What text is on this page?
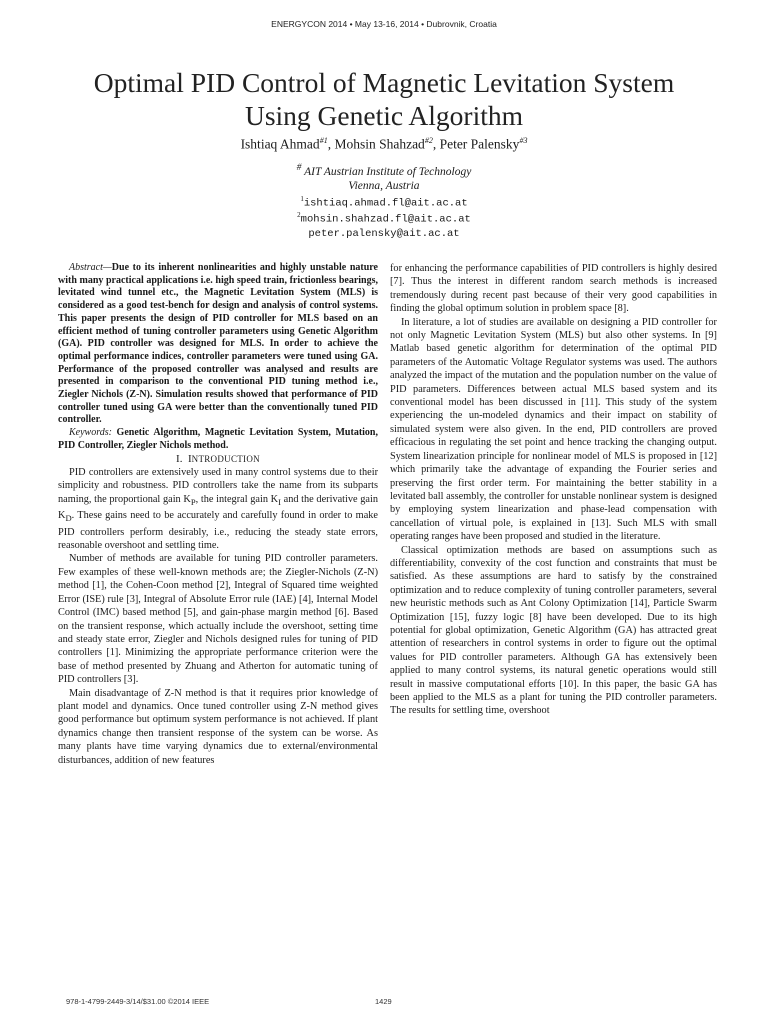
ENERGYCON 2014 • May 13-16, 2014 • Dubrovnik, Croatia
Optimal PID Control of Magnetic Levitation System
Using Genetic Algorithm
Ishtiaq Ahmad$^{\#1}$, Mohsin Shahzad$^{\#2}$, Peter Palensky$^{\#3}$
# AIT Austrian Institute of Technology
Vienna, Austria
$^1$ishtiaq.ahmad.fl@ait.ac.at
$^2$mohsin.shahzad.fl@ait.ac.at
peter.palensky@ait.ac.at

Abstract—Due to its inherent nonlinearities and highly unstable nature with many practical applications i.e. high speed train, frictionless bearings, levitated wind tunnel etc., the Magnetic Levitation System (MLS) is considered as a good test-bench for design and analysis of control systems. This paper presents the design of PID controller for MLS based on an efficient method of tuning controller parameters using Genetic Algorithm (GA). PID controller was designed for MLS. In order to achieve the optimal performance indices, controller parameters were tuned using GA. Performance of the proposed controller was analysed and results are presented in comparison to the conventional PID tuning method i.e., Ziegler Nichols (Z-N). Simulation results showed that performance of PID controller tuned using GA were better than the conventionally tuned PID controller.

Keywords: Genetic Algorithm, Magnetic Levitation System, Mutation, PID Controller, Ziegler Nichols method.

I. INTRODUCTION

PID controllers are extensively used in many control systems due to their simplicity and robustness. PID controllers take the name from its subparts naming, the proportional gain $K_P$, the integral gain $K_I$ and the derivative gain $K_D$. These gains need to be accurately and carefully found in order to make PID controllers perform desirably, i.e., reducing the steady state errors, reasonable overshoot and settling time.

Number of methods are available for tuning PID controller parameters. Few examples of these well-known methods are; the Ziegler-Nichols (Z-N) method [1], the Cohen-Coon method [2], Integral of Squared time weighted Error (ISE) rule [3], Integral of Absolute Error rule (IAE) [4], Internal Model Control (IMC) based method [5], and gain-phase margin method [6]. Based on the transient response, which actually include the overshoot, setting time and steady state error, Ziegler and Nichols designed rules for tuning of PID controllers [1]. Minimizing the appropriate performance criterion were the base of method presented by Zhuang and Atherton for automatic tuning of PID controllers [3].

Main disadvantage of Z-N method is that it requires prior knowledge of plant model and dynamics. Once tuned controller using Z-N method gives good performance but optimum system performance is not achieved. If plant dynamics change then transient response of the system can be worse. As many plants have time varying dynamics due to external/environmental disturbances, addition of new features

for enhancing the performance capabilities of PID controllers is highly desired [7]. Thus the interest in different random search methods is increased tremendously during recent past because of their very good capabilities in finding the global optimum solution in problem space [8].

In literature, a lot of studies are available on designing a PID controller for not only Magnetic Levitation System (MLS) but also other systems. In [9] Matlab based genetic algorithm for determination of the optimal PID parameters of the Automatic Voltage Regulator systems was used. The authors analyzed the impact of the mutation and the population number on the value of PID parameters. Differences between actual MLS based system and its conventional model has been discussed in [11]. This study of the system experiencing the un-modeled dynamics and their impact on stability of simulated system were also given. In the end, PID controllers are proved efficacious in regulating the set point and hence tracking the changing output. System linearization principle for nonlinear model of MLS is proposed in [12] which primarily take the advantage of expanding the Fourier series and preserving the first order term. For maintaining the better stability in a levitated ball assembly, the controller for unstable nonlinear system is designed by employing system linearization and phase-lead compensation with cancellation of virtual pole, is explained in [13]. Such MLS with small operating ranges have been proposed and studied in the literature.

Classical optimization methods are based on assumptions such as differentiability, convexity of the cost function and constraints that must be satisfied. As these assumptions are hard to satisfy by the constrained optimization and to reduce complexity of tuning controller parameters, several new heuristic methods such as Ant Colony Optimization [14], Particle Swarm Optimization [15], fuzzy logic [8] have been developed. Due to its high potential for global optimization, Genetic Algorithm (GA) has attracted great attention of researchers in control systems in order to figure out the optimal values for PID controller parameters. Although GA has extensively been applied to many control systems, its natural genetic operations would still result in massive computational efforts [10]. In this paper, the basic GA has been applied to the MLS as a plant for tuning the PID controller parameters. The results for settling time, overshoot

978-1-4799-2449-3/14/$31.00 ©2014 IEEE	1429
